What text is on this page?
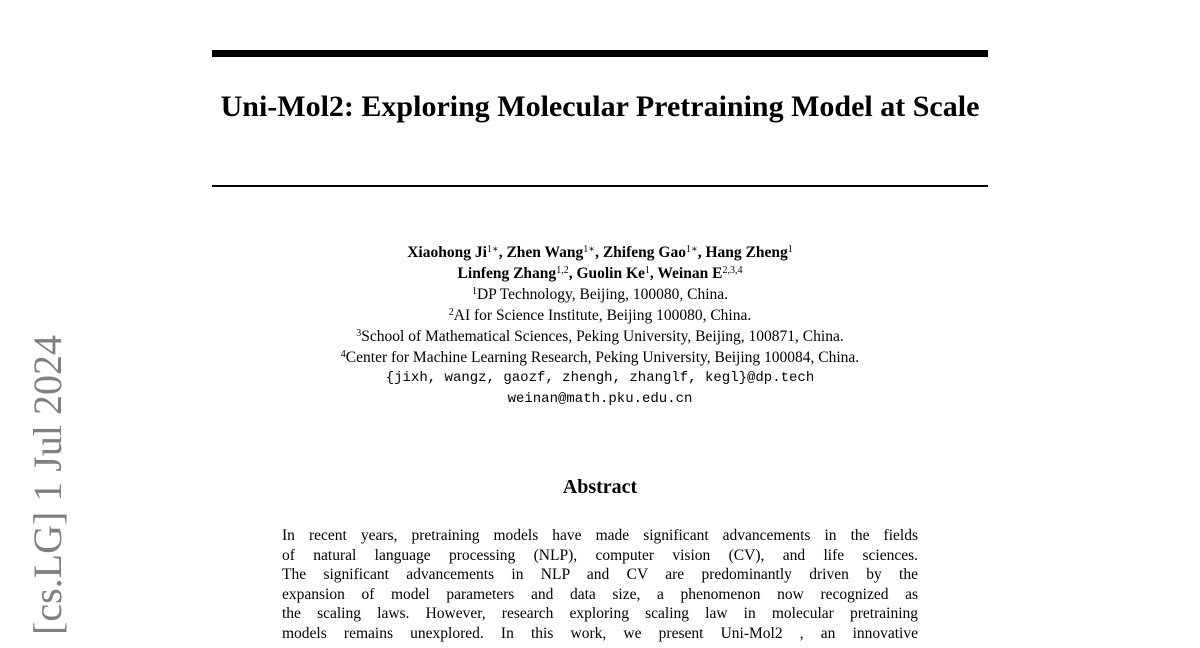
[cs.LG] 1 Jul 2024
Uni-Mol2: Exploring Molecular Pretraining Model at Scale
Xiaohong $Ji^{1∗}$, Zhen Wang$^{1∗}$, Zhifeng Gao$^{1∗}$, Hang Zheng$^1$
Linfeng Zhang$^{1,2}$, Guolin Ke$^1$, Weinan E$^{2,3,4}$
$^1$DP Technology, Beijing, 100080, China.
$^2$AI for Science Institute, Beijing 100080, China.
$^3$School of Mathematical Sciences, Peking University, Beijing, 100871, China.
$^4$Center for Machine Learning Research, Peking University, Beijing 100084, China.
{jixh, wangz, gaozf, zhengh, zhanglf, kegl}@dp.tech
weinan@math.pku.edu.cn
Abstract
In recent years, pretraining models have made significant advancements in the fields
of natural language processing (NLP), computer vision (CV), and life sciences.
The significant advancements in NLP and CV are predominantly driven by the
expansion of model parameters and data size, a phenomenon now recognized as
the scaling laws. However, research exploring scaling law in molecular pretraining
models remains unexplored. In this work, we present Uni-Mol2 , an innovative
